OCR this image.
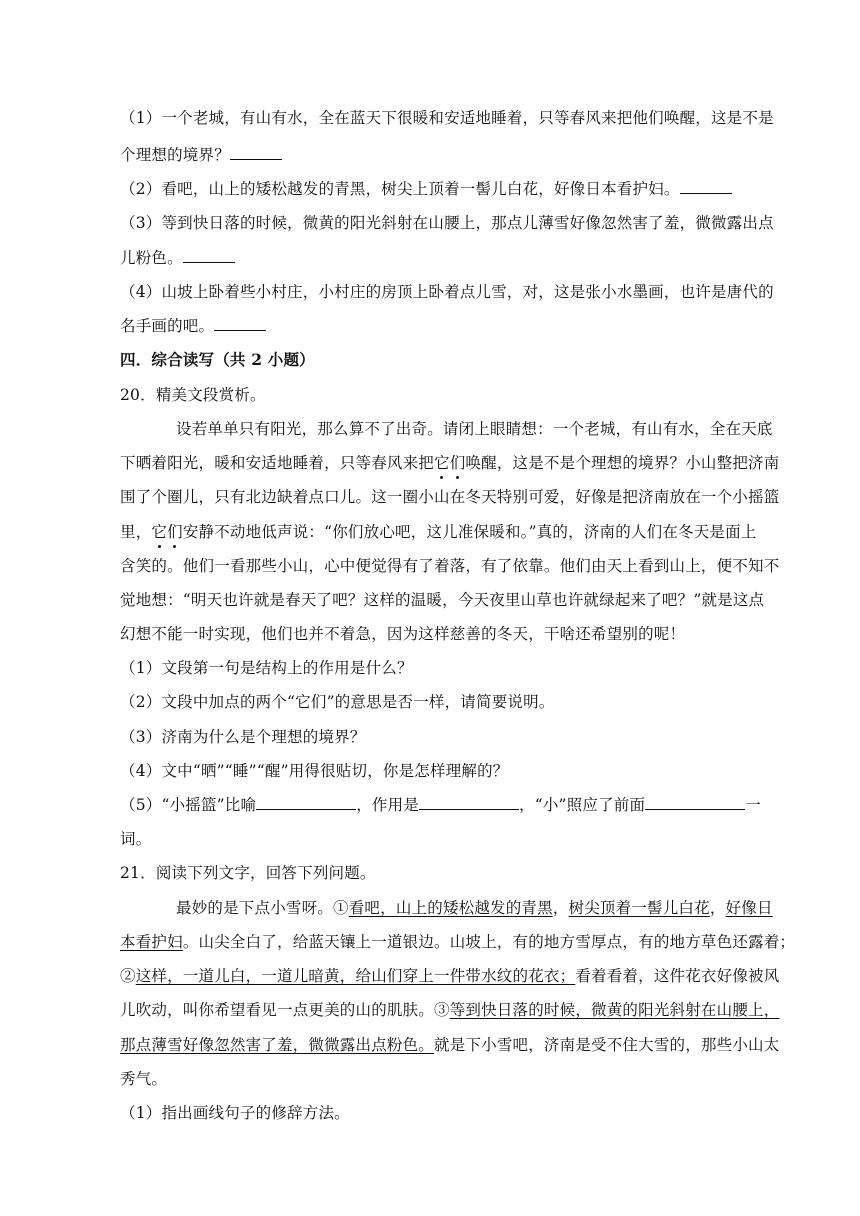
（1）一个老城，有山有水，全在蓝天下很暖和安适地睡着，只等春风来把他们唤醒，这是不是
个理想的境界？
（2）看吧，山上的矮松越发的青黑，树尖上顶着一髻儿白花，好像日本看护妇。
（3）等到快日落的时候，微黄的阳光斜射在山腰上，那点儿薄雪好像忽然害了羞，微微露出点
儿粉色。
（4）山坡上卧着些小村庄，小村庄的房顶上卧着点儿雪，对，这是张小水墨画，也许是唐代的
名手画的吧。
四．综合读写（共 2 小题）
20．精美文段赏析。
设若单单只有阳光，那么算不了出奇。请闭上眼睛想：一个老城，有山有水，全在天底
下晒着阳光，暖和安适地睡着，只等春风来把它们唤醒，这是不是个理想的境界？小山整把济南
围了个圈儿，只有北边缺着点口儿。这一圈小山在冬天特别可爱，好像是把济南放在一个小摇篮
里，它们安静不动地低声说：“你们放心吧，这儿准保暖和。”真的，济南的人们在冬天是面上
含笑的。他们一看那些小山，心中便觉得有了着落，有了依靠。他们由天上看到山上，便不知不
觉地想：“明天也许就是春天了吧？这样的温暖，今天夜里山草也许就绿起来了吧？”就是这点
幻想不能一时实现，他们也并不着急，因为这样慈善的冬天，干啥还希望别的呢！
（1）文段第一句是结构上的作用是什么？
（2）文段中加点的两个“它们”的意思是否一样，请简要说明。
（3）济南为什么是个理想的境界？
（4）文中“晒”“睡”“醒”用得很贴切，你是怎样理解的？
（5）“小摇篮”比喻	，作用是	，“小”照应了前面	一
词。
21．阅读下列文字，回答下列问题。
最妙的是下点小雪呀。①看吧，山上的矮松越发的青黑，树尖顶着一髻儿白花，好像日
本看护妇。山尖全白了，给蓝天镶上一道银边。山坡上，有的地方雪厚点，有的地方草色还露着；
②这样，一道儿白，一道儿暗黄，给山们穿上一件带水纹的花衣；看着看着，这件花衣好像被风
儿吹动，叫你希望看见一点更美的山的肌肤。③等到快日落的时候，微黄的阳光斜射在山腰上，
那点薄雪好像忽然害了羞，微微露出点粉色。就是下小雪吧，济南是受不住大雪的，那些小山太
秀气。
（1）指出画线句子的修辞方法。
